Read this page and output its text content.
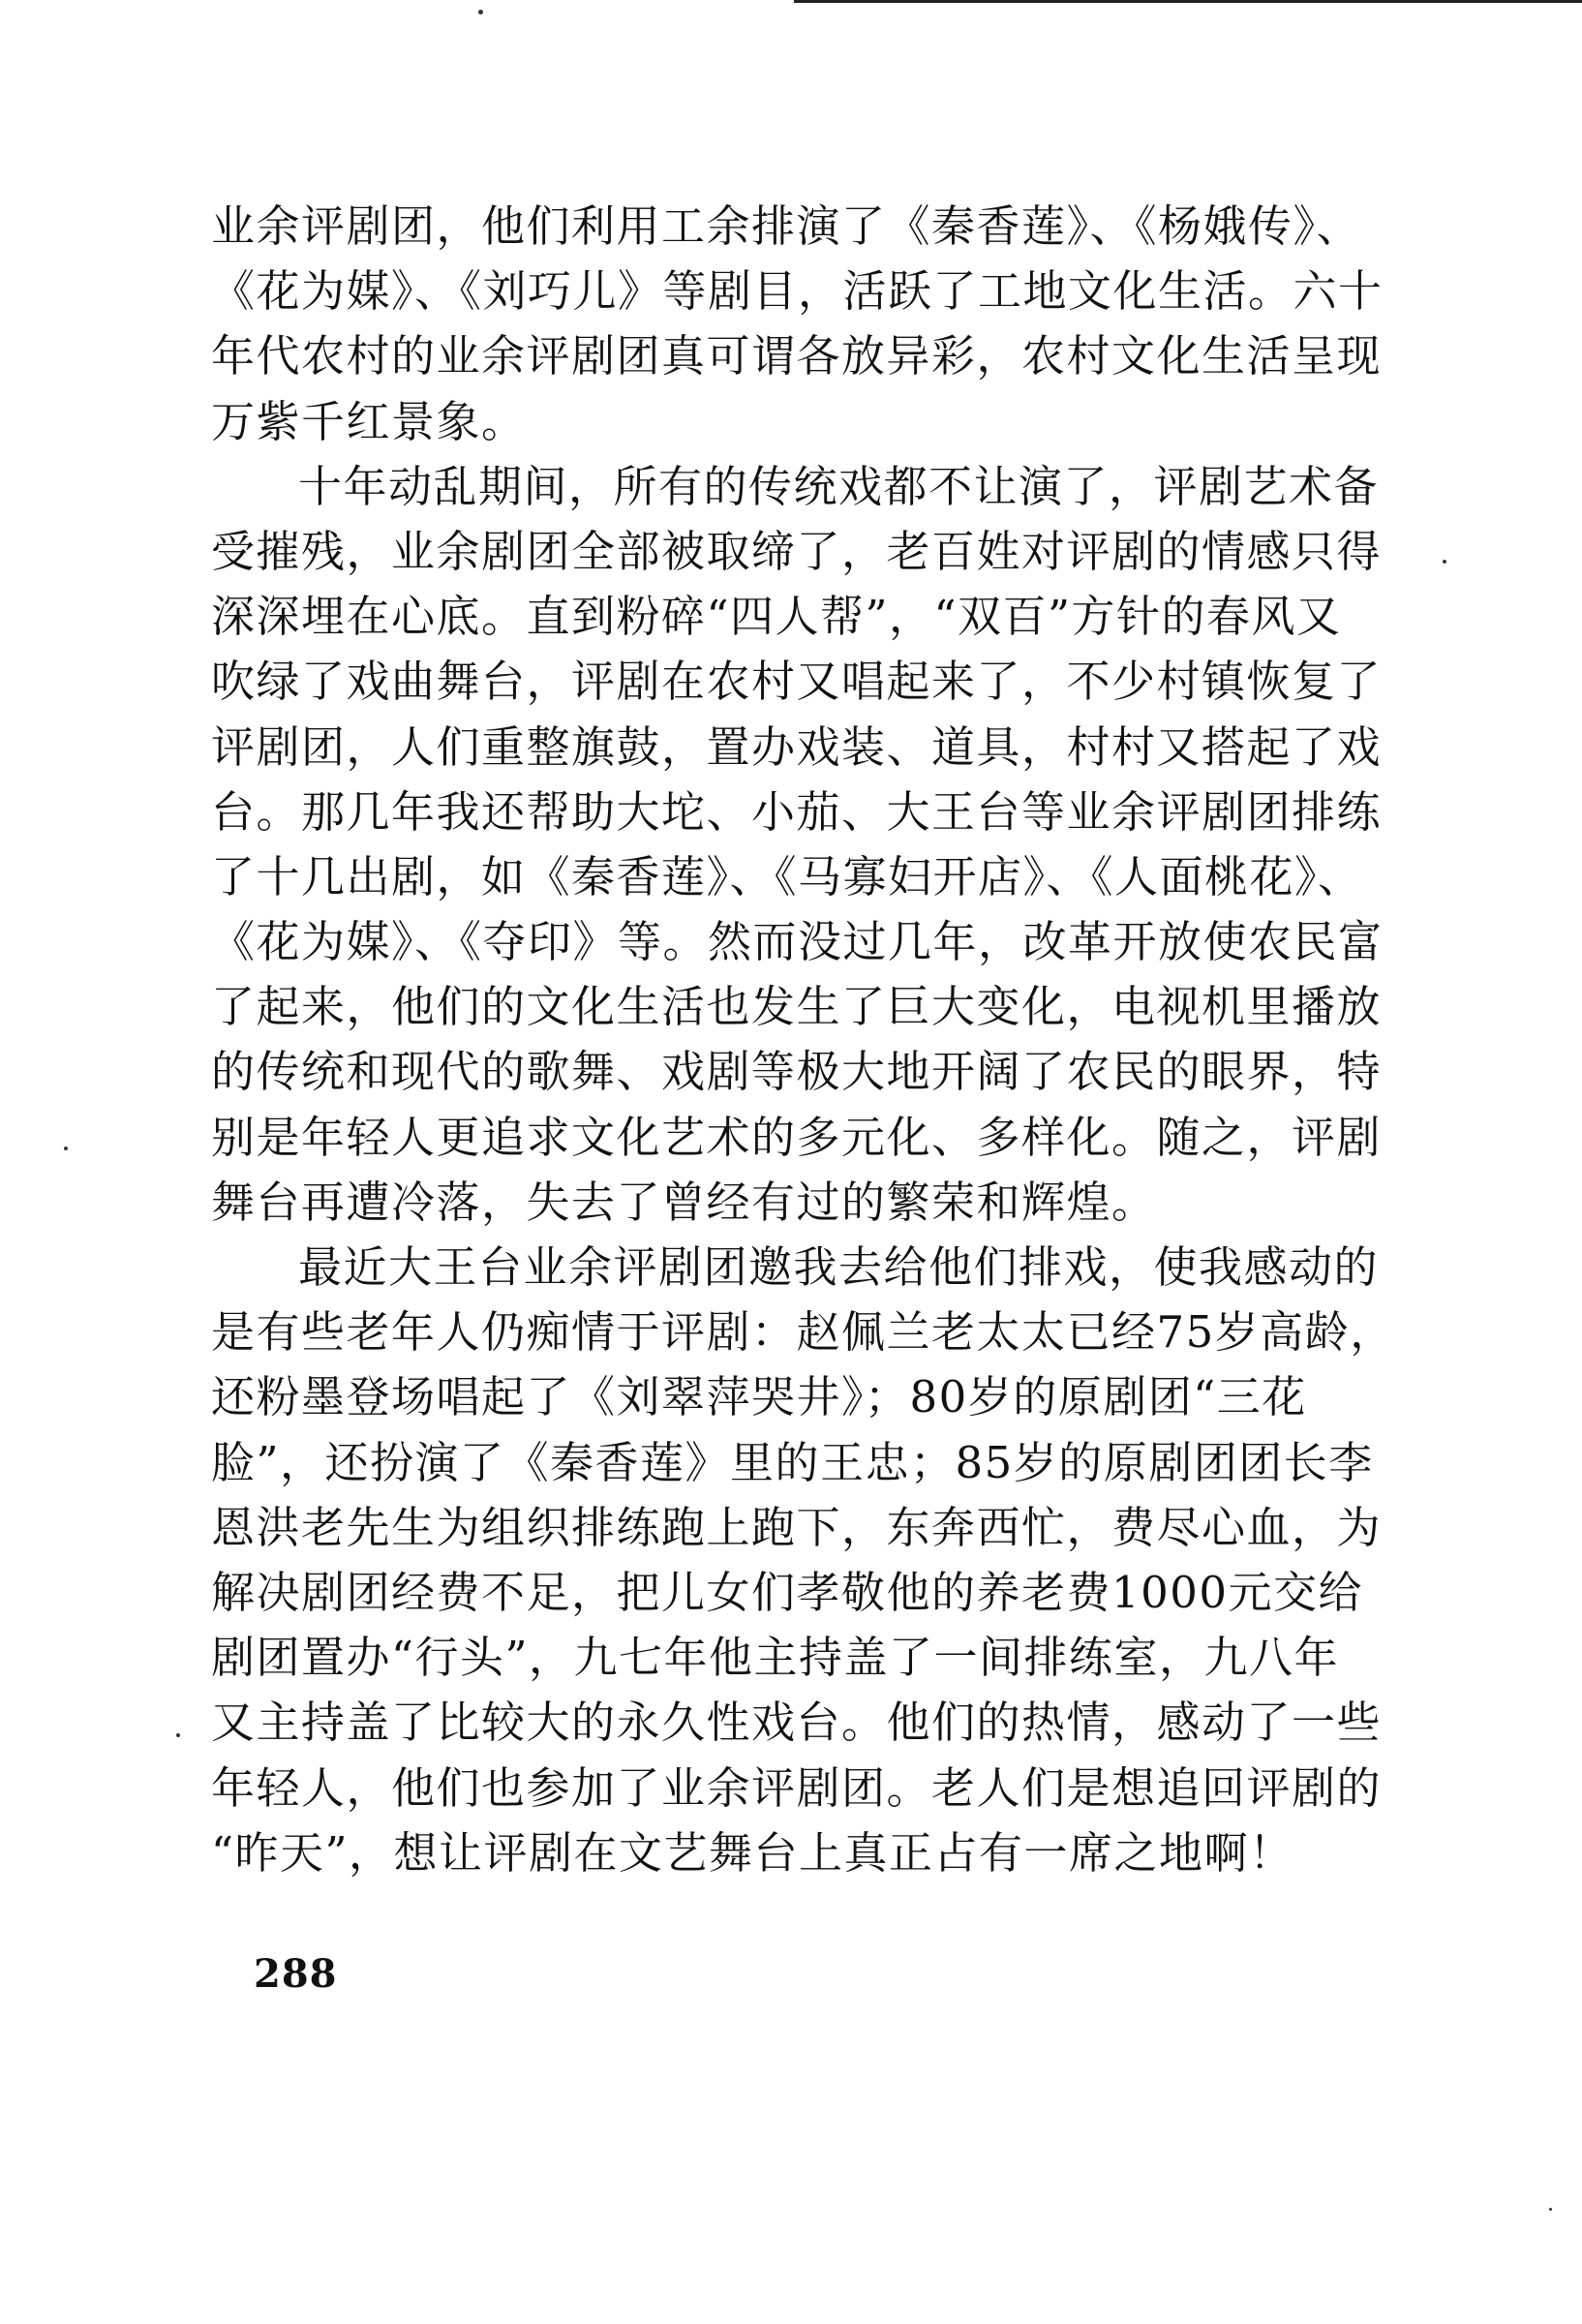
业余评剧团，他们利用工余排演了《秦香莲》、《杨娥传》、
《花为媒》、《刘巧儿》等剧目，活跃了工地文化生活。六十
年代农村的业余评剧团真可谓各放异彩，农村文化生活呈现
万紫千红景象。
十年动乱期间，所有的传统戏都不让演了，评剧艺术备
受摧残，业余剧团全部被取缔了，老百姓对评剧的情感只得
深深埋在心底。直到粉碎“四人帮”，“双百”方针的春风又
吹绿了戏曲舞台，评剧在农村又唱起来了，不少村镇恢复了
评剧团，人们重整旗鼓，置办戏装、道具，村村又搭起了戏
台。那几年我还帮助大坨、小茄、大王台等业余评剧团排练
了十几出剧，如《秦香莲》、《马寡妇开店》、《人面桃花》、
《花为媒》、《夺印》等。然而没过几年，改革开放使农民富
了起来，他们的文化生活也发生了巨大变化，电视机里播放
的传统和现代的歌舞、戏剧等极大地开阔了农民的眼界，特
别是年轻人更追求文化艺术的多元化、多样化。随之，评剧
舞台再遭冷落，失去了曾经有过的繁荣和辉煌。
最近大王台业余评剧团邀我去给他们排戏，使我感动的
是有些老年人仍痴情于评剧：赵佩兰老太太已经75岁高龄，
还粉墨登场唱起了《刘翠萍哭井》；80岁的原剧团“三花
脸”，还扮演了《秦香莲》里的王忠；85岁的原剧团团长李
恩洪老先生为组织排练跑上跑下，东奔西忙，费尽心血，为
解决剧团经费不足，把儿女们孝敬他的养老费1000元交给
剧团置办“行头”，九七年他主持盖了一间排练室，九八年
又主持盖了比较大的永久性戏台。他们的热情，感动了一些
年轻人，他们也参加了业余评剧团。老人们是想追回评剧的
“昨天”，想让评剧在文艺舞台上真正占有一席之地啊！
288
